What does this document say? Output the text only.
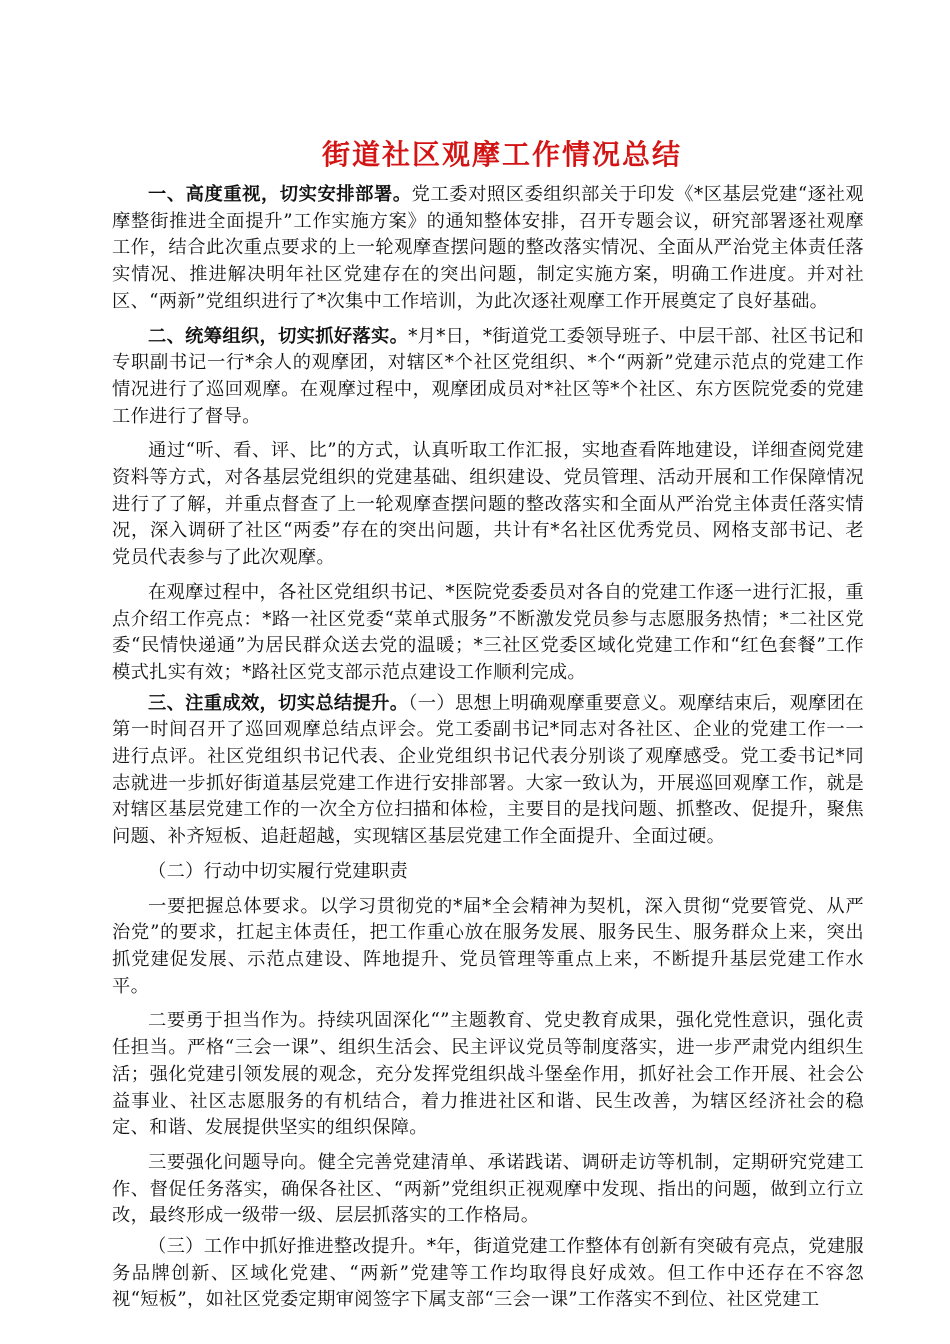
街道社区观摩工作情况总结

一、高度重视，切实安排部署。党工委对照区委组织部关于印发《*区基层党建“逐社观摩整街推进全面提升”工作实施方案》的通知整体安排，召开专题会议，研究部署逐社观摩工作，结合此次重点要求的上一轮观摩查摆问题的整改落实情况、全面从严治党主体责任落实情况、推进解决明年社区党建存在的突出问题，制定实施方案，明确工作进度。并对社区、“两新”党组织进行了*次集中工作培训，为此次逐社观摩工作开展奠定了良好基础。

二、统筹组织，切实抓好落实。*月*日，*街道党工委领导班子、中层干部、社区书记和专职副书记一行*余人的观摩团，对辖区*个社区党组织、*个“两新”党建示范点的党建工作情况进行了巡回观摩。在观摩过程中，观摩团成员对*社区等*个社区、东方医院党委的党建工作进行了督导。

通过“听、看、评、比”的方式，认真听取工作汇报，实地查看阵地建设，详细查阅党建资料等方式，对各基层党组织的党建基础、组织建设、党员管理、活动开展和工作保障情况进行了了解，并重点督查了上一轮观摩查摆问题的整改落实和全面从严治党主体责任落实情况，深入调研了社区“两委”存在的突出问题，共计有*名社区优秀党员、网格支部书记、老党员代表参与了此次观摩。

在观摩过程中，各社区党组织书记、*医院党委委员对各自的党建工作逐一进行汇报，重点介绍工作亮点：*路一社区党委“菜单式服务”不断激发党员参与志愿服务热情；*二社区党委“民情快递通”为居民群众送去党的温暖；*三社区党委区域化党建工作和“红色套餐”工作模式扎实有效；*路社区党支部示范点建设工作顺利完成。

三、注重成效，切实总结提升。（一）思想上明确观摩重要意义。观摩结束后，观摩团在第一时间召开了巡回观摩总结点评会。党工委副书记*同志对各社区、企业的党建工作一一进行点评。社区党组织书记代表、企业党组织书记代表分别谈了观摩感受。党工委书记*同志就进一步抓好街道基层党建工作进行安排部署。大家一致认为，开展巡回观摩工作，就是对辖区基层党建工作的一次全方位扫描和体检，主要目的是找问题、抓整改、促提升，聚焦问题、补齐短板、追赶超越，实现辖区基层党建工作全面提升、全面过硬。

（二）行动中切实履行党建职责

一要把握总体要求。以学习贯彻党的*届*全会精神为契机，深入贯彻“党要管党、从严治党”的要求，扛起主体责任，把工作重心放在服务发展、服务民生、服务群众上来，突出抓党建促发展、示范点建设、阵地提升、党员管理等重点上来，不断提升基层党建工作水平。

二要勇于担当作为。持续巩固深化“”主题教育、党史教育成果，强化党性意识，强化责任担当。严格“三会一课”、组织生活会、民主评议党员等制度落实，进一步严肃党内组织生活；强化党建引领发展的观念，充分发挥党组织战斗堡垒作用，抓好社会工作开展、社会公益事业、社区志愿服务的有机结合，着力推进社区和谐、民生改善，为辖区经济社会的稳定、和谐、发展提供坚实的组织保障。

三要强化问题导向。健全完善党建清单、承诺践诺、调研走访等机制，定期研究党建工作、督促任务落实，确保各社区、“两新”党组织正视观摩中发现、指出的问题，做到立行立改，最终形成一级带一级、层层抓落实的工作格局。

（三）工作中抓好推进整改提升。*年，街道党建工作整体有创新有突破有亮点，党建服务品牌创新、区域化党建、“两新”党建等工作均取得良好成效。但工作中还存在不容忽视“短板”，如社区党委定期审阅签字下属支部“三会一课”工作落实不到位、社区党建工
